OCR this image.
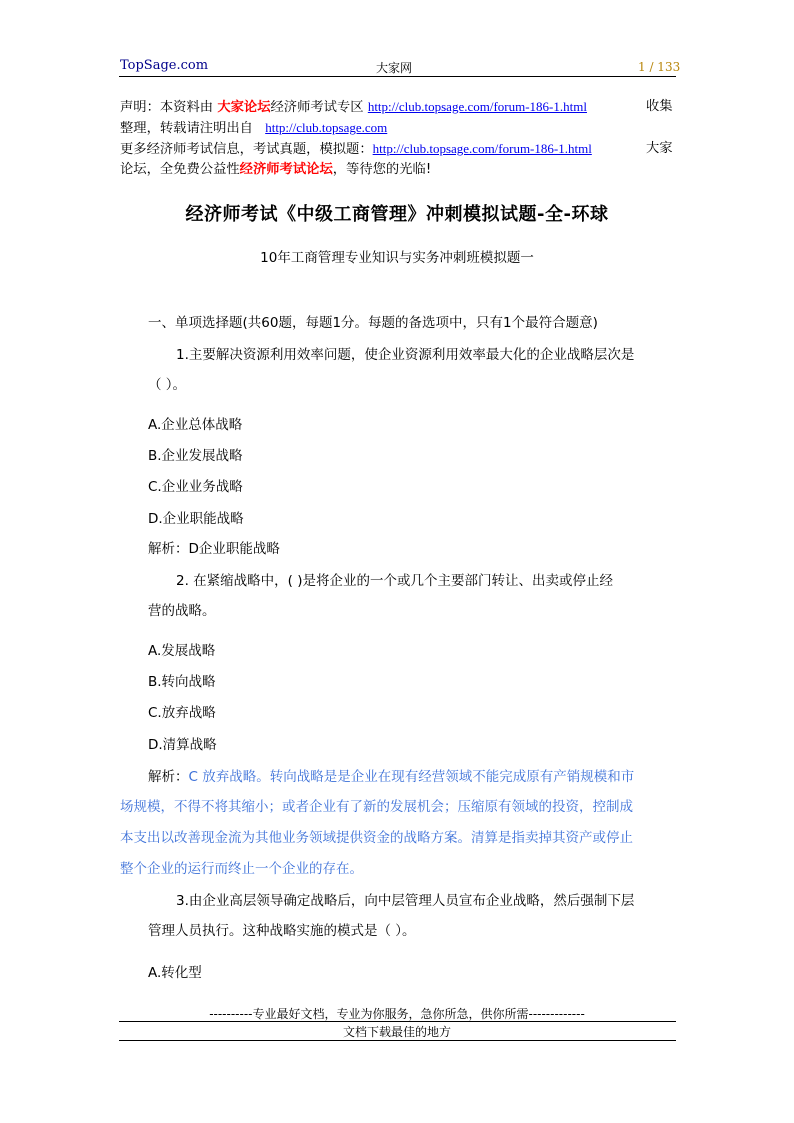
TopSage.com	大家网	1 / 133
声明：本资料由 大家论坛经济师考试专区 http://club.topsage.com/forum-186-1.html	收集
整理，转载请注明出自 http://club.topsage.com
更多经济师考试信息，考试真题，模拟题：http://club.topsage.com/forum-186-1.html	大家
论坛，全免费公益性经济师考试论坛，等待您的光临!
经济师考试《中级工商管理》冲刺模拟试题-全-环球
10年工商管理专业知识与实务冲刺班模拟题一
一、单项选择题(共60题，每题1分。每题的备选项中，只有1个最符合题意)
1.主要解决资源利用效率问题，使企业资源利用效率最大化的企业战略层次是
（ ）。
A.企业总体战略
B.企业发展战略
C.企业业务战略
D.企业职能战略
解析：D企业职能战略
2. 在紧缩战略中，( )是将企业的一个或几个主要部门转让、出卖或停止经
营的战略。
A.发展战略
B.转向战略
C.放弃战略
D.清算战略
解析：C 放弃战略。转向战略是是企业在现有经营领域不能完成原有产销规模和市
场规模，不得不将其缩小；或者企业有了新的发展机会；压缩原有领域的投资，控制成
本支出以改善现金流为其他业务领域提供资金的战略方案。清算是指卖掉其资产或停止
整个企业的运行而终止一个企业的存在。
3.由企业高层领导确定战略后，向中层管理人员宣布企业战略，然后强制下层
管理人员执行。这种战略实施的模式是（ ）。
A.转化型
----------专业最好文档，专业为你服务，急你所急，供你所需-------------
文档下载最佳的地方
